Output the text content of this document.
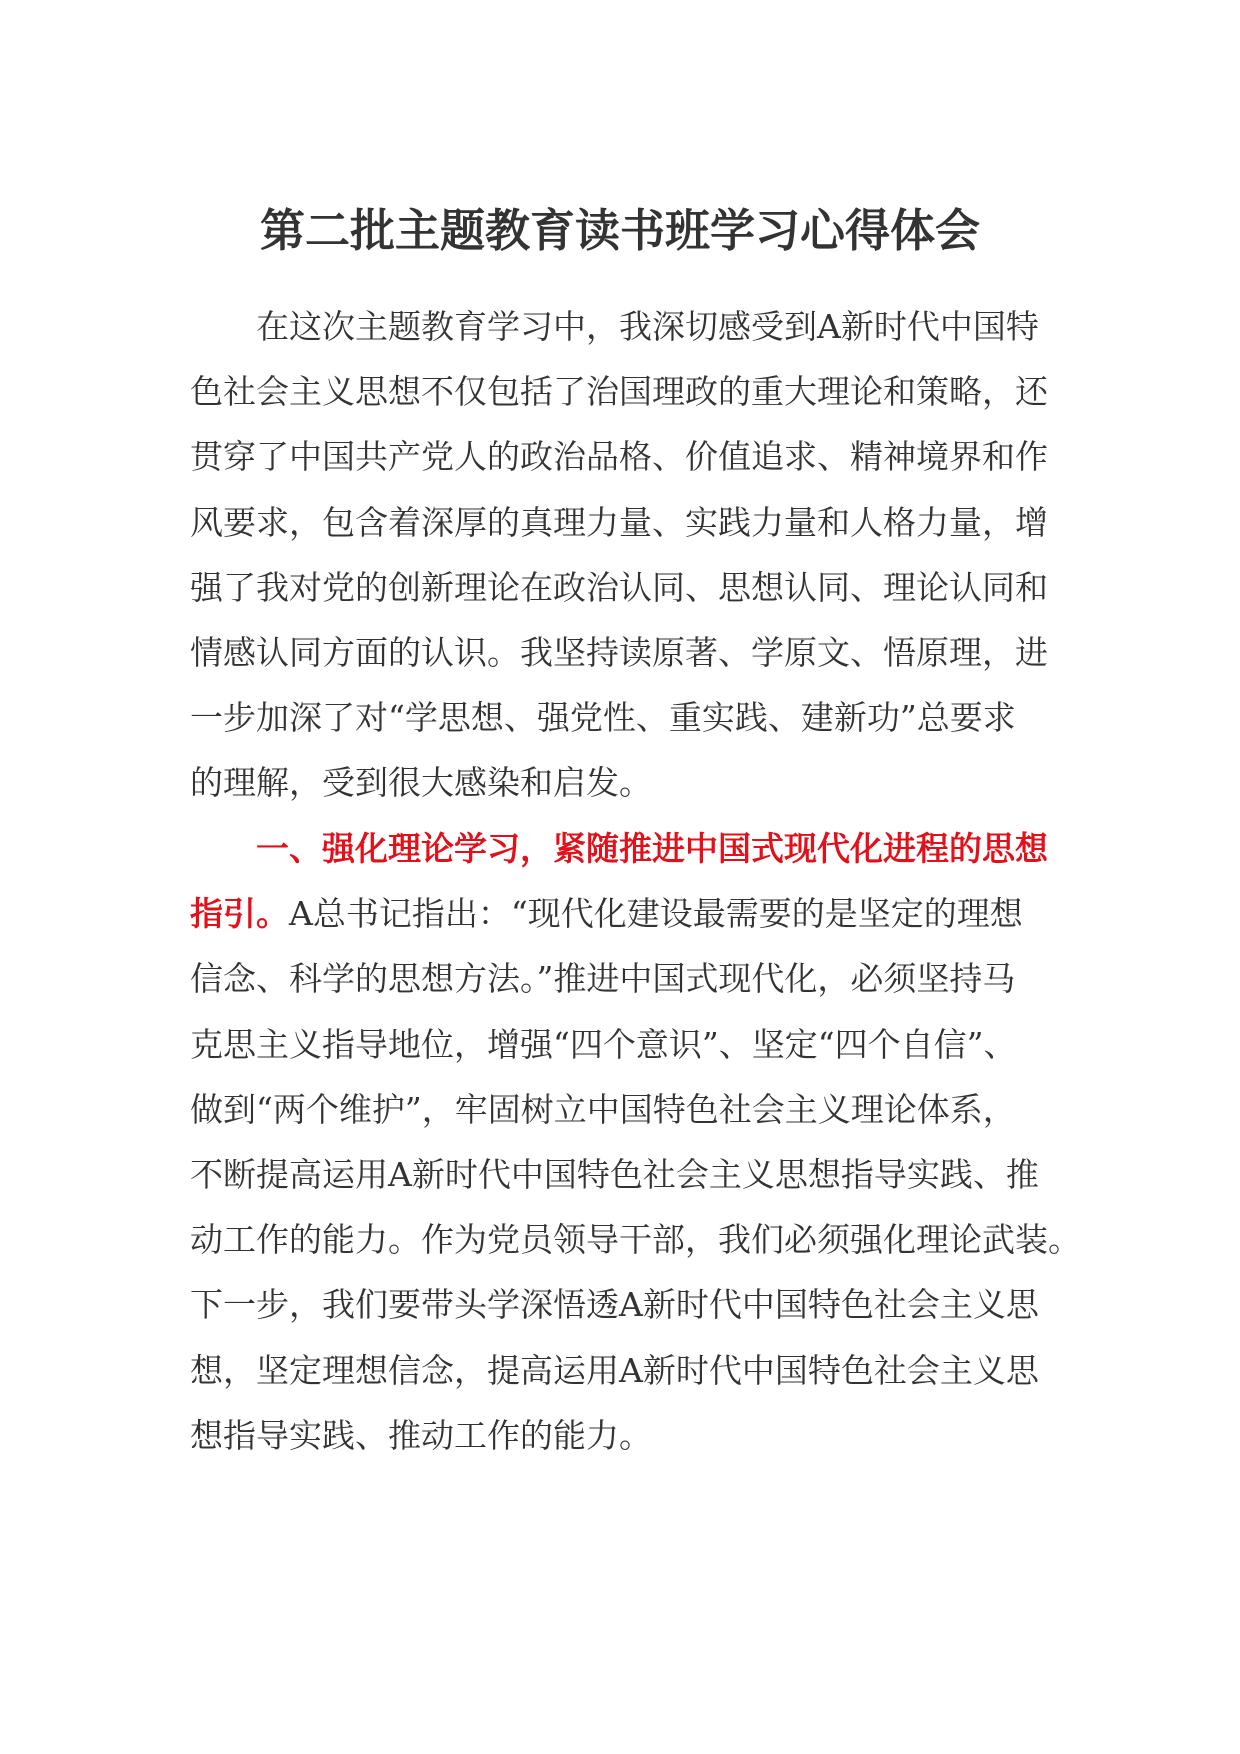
第二批主题教育读书班学习心得体会
在这次主题教育学习中，我深切感受到A新时代中国特
色社会主义思想不仅包括了治国理政的重大理论和策略，还
贯穿了中国共产党人的政治品格、价值追求、精神境界和作
风要求，包含着深厚的真理力量、实践力量和人格力量，增
强了我对党的创新理论在政治认同、思想认同、理论认同和
情感认同方面的认识。我坚持读原著、学原文、悟原理，进
一步加深了对“学思想、强党性、重实践、建新功”总要求
的理解，受到很大感染和启发。
一、强化理论学习，紧随推进中国式现代化进程的思想
指引。A总书记指出：“现代化建设最需要的是坚定的理想
信念、科学的思想方法。”推进中国式现代化，必须坚持马
克思主义指导地位，增强“四个意识”、坚定“四个自信”、
做到“两个维护”，牢固树立中国特色社会主义理论体系，
不断提高运用A新时代中国特色社会主义思想指导实践、推
动工作的能力。作为党员领导干部，我们必须强化理论武装。
下一步，我们要带头学深悟透A新时代中国特色社会主义思
想，坚定理想信念，提高运用A新时代中国特色社会主义思
想指导实践、推动工作的能力。
